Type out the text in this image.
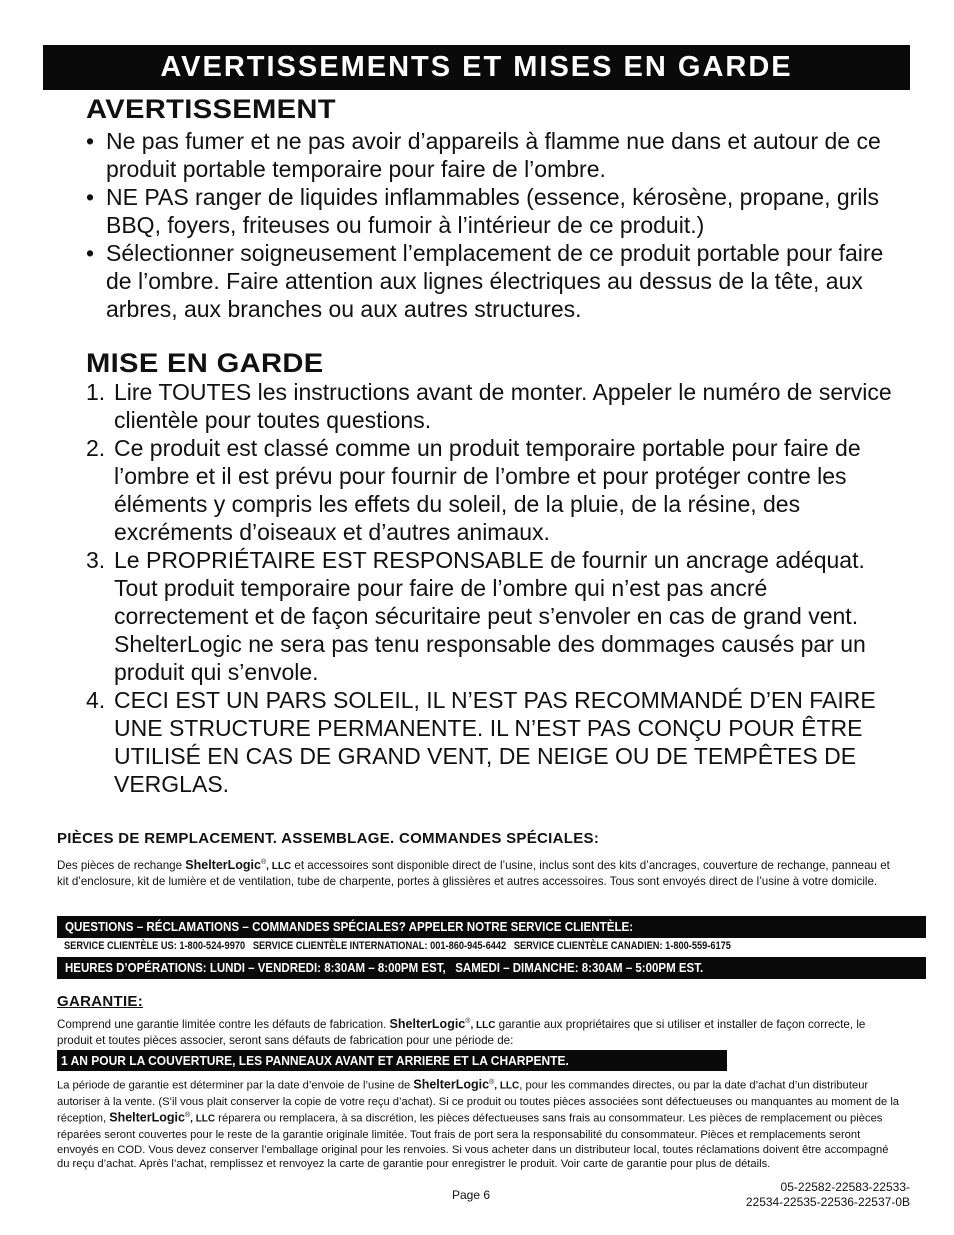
AVERTISSEMENTS ET MISES EN GARDE
AVERTISSEMENT
• Ne pas fumer et ne pas avoir d’appareils à flamme nue dans et autour de ce produit portable temporaire pour faire de l’ombre.
• NE PAS ranger de liquides inflammables (essence, kérosène, propane, grils BBQ, foyers, friteuses ou fumoir à l’intérieur de ce produit.)
• Sélectionner soigneusement l’emplacement de ce produit portable pour faire de l’ombre. Faire attention aux lignes électriques au dessus de la tête, aux arbres, aux branches ou aux autres structures.
MISE EN GARDE
1. Lire TOUTES les instructions avant de monter. Appeler le numéro de service clientèle pour toutes questions.
2. Ce produit est classé comme un produit temporaire portable pour faire de l’ombre et il est prévu pour fournir de l’ombre et pour protéger contre les éléments y compris les effets du soleil, de la pluie, de la résine, des excréments d’oiseaux et d’autres animaux.
3. Le PROPRIÉTAIRE EST RESPONSABLE de fournir un ancrage adéquat. Tout produit temporaire pour faire de l’ombre qui n’est pas ancré correctement et de façon sécuritaire peut s’envoler en cas de grand vent. ShelterLogic ne sera pas tenu responsable des dommages causés par un produit qui s’envole.
4. CECI EST UN PARS SOLEIL, IL N’EST PAS RECOMMANDÉ D’EN FAIRE UNE STRUCTURE PERMANENTE. IL N’EST PAS CONÇU POUR ÊTRE UTILISÉ EN CAS DE GRAND VENT, DE NEIGE OU DE TEMPÊTES DE VERGLAS.
PIÈCES DE REMPLACEMENT. ASSEMBLAGE. COMMANDES SPÉCIALES:
Des pièces de rechange ShelterLogic®, LLC et accessoires sont disponible direct de l’usine, inclus sont des kits d’ancrages, couverture de rechange, panneau et kit d’enclosure, kit de lumière et de ventilation, tube de charpente, portes à glissières et autres accessoires. Tous sont envoyés direct de l’usine à votre domicile.
QUESTIONS – RÉCLAMATIONS – COMMANDES SPÉCIALES? APPELER NOTRE SERVICE CLIENTÈLE:
SERVICE CLIENTÈLE US: 1-800-524-9970 SERVICE CLIENTÈLE INTERNATIONAL: 001-860-945-6442 SERVICE CLIENTÈLE CANADIEN: 1-800-559-6175
HEURES D’OPÉRATIONS: LUNDI – VENDREDI: 8:30AM – 8:00PM EST,   SAMEDI – DIMANCHE: 8:30AM – 5:00PM EST.
GARANTIE:
Comprend une garantie limitée contre les défauts de fabrication. ShelterLogic®, LLC garantie aux propriétaires que si utiliser et installer de façon correcte, le produit et toutes pièces associer, seront sans défauts de fabrication pour une période de:
1 AN POUR LA COUVERTURE, LES PANNEAUX AVANT ET ARRIERE ET LA CHARPENTE.
La période de garantie est déterminer par la date d’envoie de l’usine de ShelterLogic®, LLC, pour les commandes directes, ou par la date d’achat d’un distributeur autoriser à la vente. (S’il vous plait conserver la copie de votre reçu d’achat). Si ce produit ou toutes pièces associées sont défectueuses ou manquantes au moment de la réception, ShelterLogic®, LLC réparera ou remplacera, à sa discrétion, les pièces défectueuses sans frais au consommateur. Les pièces de remplacement ou pièces réparées seront couvertes pour le reste de la garantie originale limitée. Tout frais de port sera la responsabilité du consommateur. Pièces et remplacements seront envoyés en COD. Vous devez conserver l’emballage original pour les renvoies. Si vous acheter dans un distributeur local, toutes réclamations doivent être accompagné du reçu d’achat. Après l’achat, remplissez et renvoyez la carte de garantie pour enregistrer le produit. Voir carte de garantie pour plus de détails.
Page 6
05-22582-22583-22533-
22534-22535-22536-22537-0B
